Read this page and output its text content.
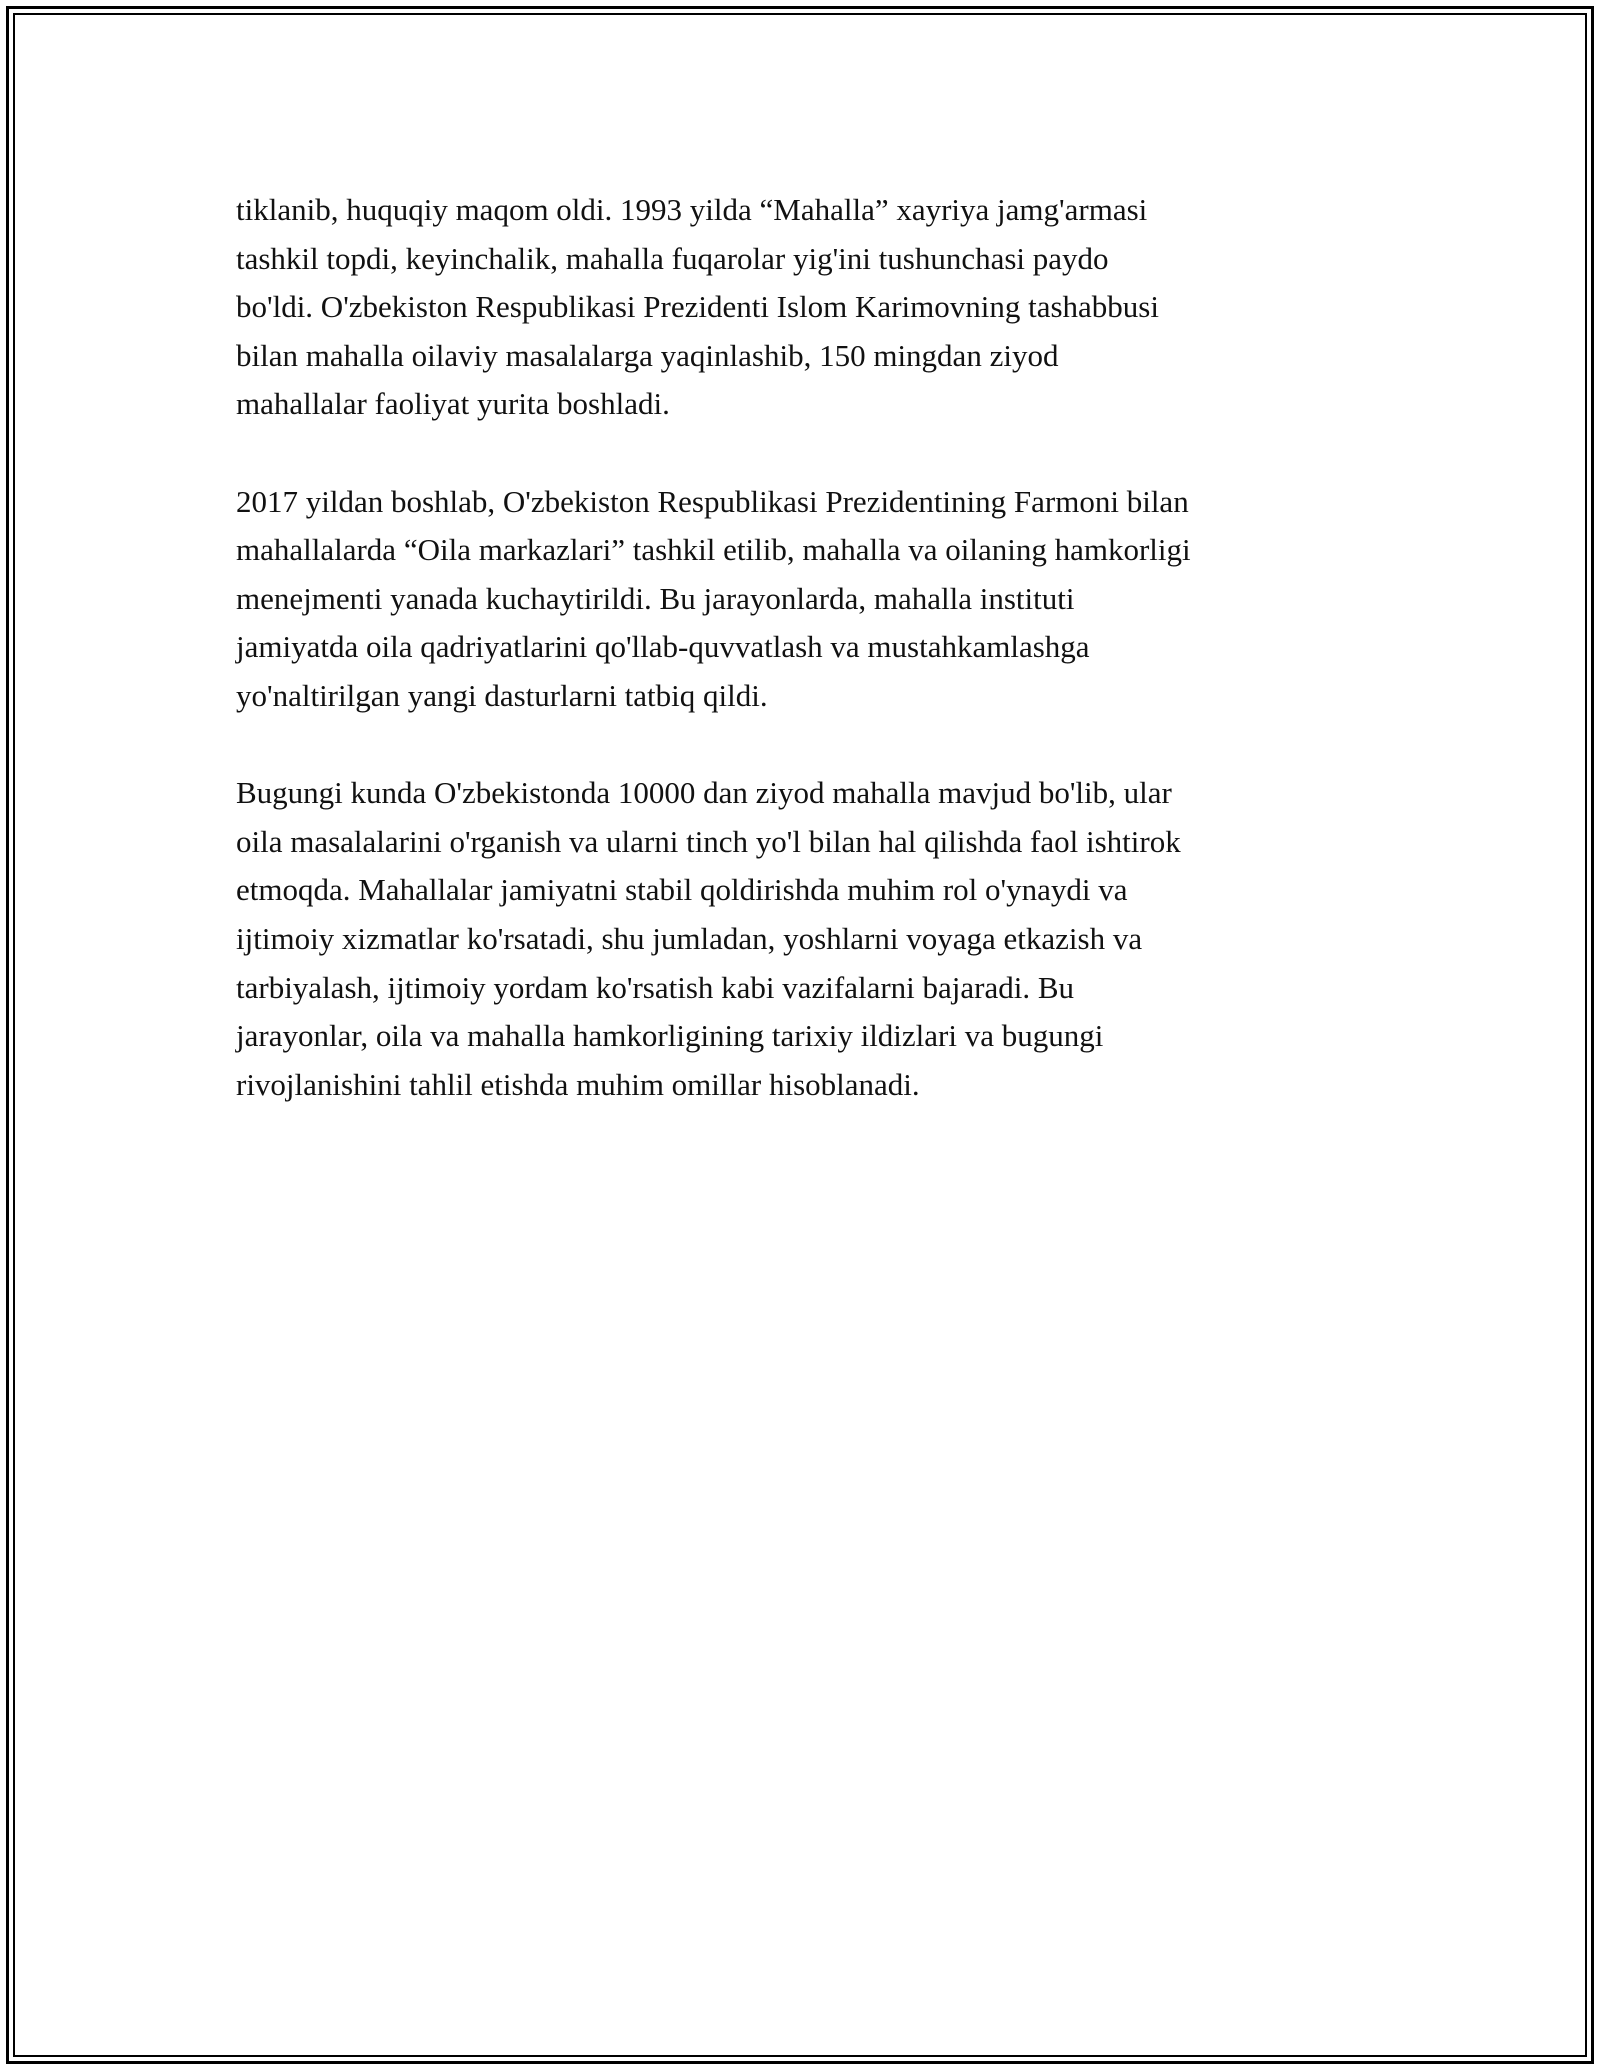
tiklanib, huquqiy maqom oldi. 1993 yilda “Mahalla” xayriya jamg'armasi
tashkil topdi, keyinchalik, mahalla fuqarolar yig'ini tushunchasi paydo
bo'ldi. O'zbekiston Respublikasi Prezidenti Islom Karimovning tashabbusi
bilan mahalla oilaviy masalalarga yaqinlashib, 150 mingdan ziyod
mahallalar faoliyat yurita boshladi.

2017 yildan boshlab, O'zbekiston Respublikasi Prezidentining Farmoni bilan
mahallalarda “Oila markazlari” tashkil etilib, mahalla va oilaning hamkorligi
menejmenti yanada kuchaytirildi. Bu jarayonlarda, mahalla instituti
jamiyatda oila qadriyatlarini qo'llab-quvvatlash va mustahkamlashga
yo'naltirilgan yangi dasturlarni tatbiq qildi.

Bugungi kunda O'zbekistonda 10000 dan ziyod mahalla mavjud bo'lib, ular
oila masalalarini o'rganish va ularni tinch yo'l bilan hal qilishda faol ishtirok
etmoqda. Mahallalar jamiyatni stabil qoldirishda muhim rol o'ynaydi va
ijtimoiy xizmatlar ko'rsatadi, shu jumladan, yoshlarni voyaga etkazish va
tarbiyalash, ijtimoiy yordam ko'rsatish kabi vazifalarni bajaradi. Bu
jarayonlar, oila va mahalla hamkorligining tarixiy ildizlari va bugungi
rivojlanishini tahlil etishda muhim omillar hisoblanadi.
